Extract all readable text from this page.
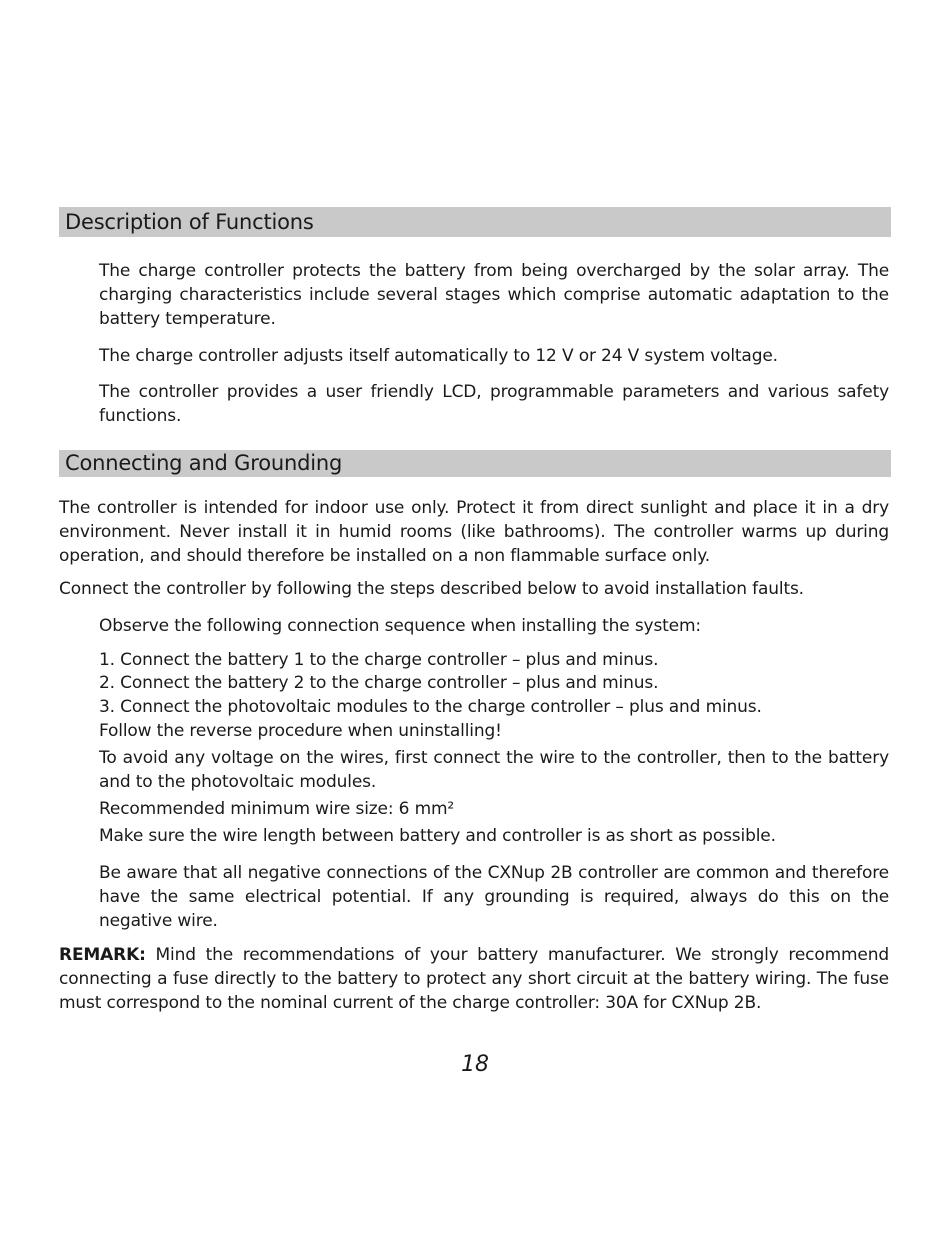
Description of Functions
The charge controller protects the battery from being overcharged by the solar array. The charging characteristics include several stages which comprise automatic adaptation to the battery temperature.
The charge controller adjusts itself automatically to 12 V or 24 V system voltage.
The controller provides a user friendly LCD, programmable parameters and various safety functions.
Connecting and Grounding
The controller is intended for indoor use only. Protect it from direct sunlight and place it in a dry environment. Never install it in humid rooms (like bathrooms). The controller warms up during operation, and should therefore be installed on a non flammable surface only.
Connect the controller by following the steps described below to avoid installation faults.
Observe the following connection sequence when installing the system:
1. Connect the battery 1 to the charge controller – plus and minus.
2. Connect the battery 2 to the charge controller – plus and minus.
3. Connect the photovoltaic modules to the charge controller – plus and minus.
Follow the reverse procedure when uninstalling!
To avoid any voltage on the wires, first connect the wire to the controller, then to the battery and to the photovoltaic modules.
Recommended minimum wire size: 6 mm²
Make sure the wire length between battery and controller is as short as possible.
Be aware that all negative connections of the CXNup 2B controller are common and therefore have the same electrical potential. If any grounding is required, always do this on the negative wire.
REMARK: Mind the recommendations of your battery manufacturer. We strongly recommend connecting a fuse directly to the battery to protect any short circuit at the battery wiring. The fuse must correspond to the nominal current of the charge controller: 30A for CXNup 2B.
18
